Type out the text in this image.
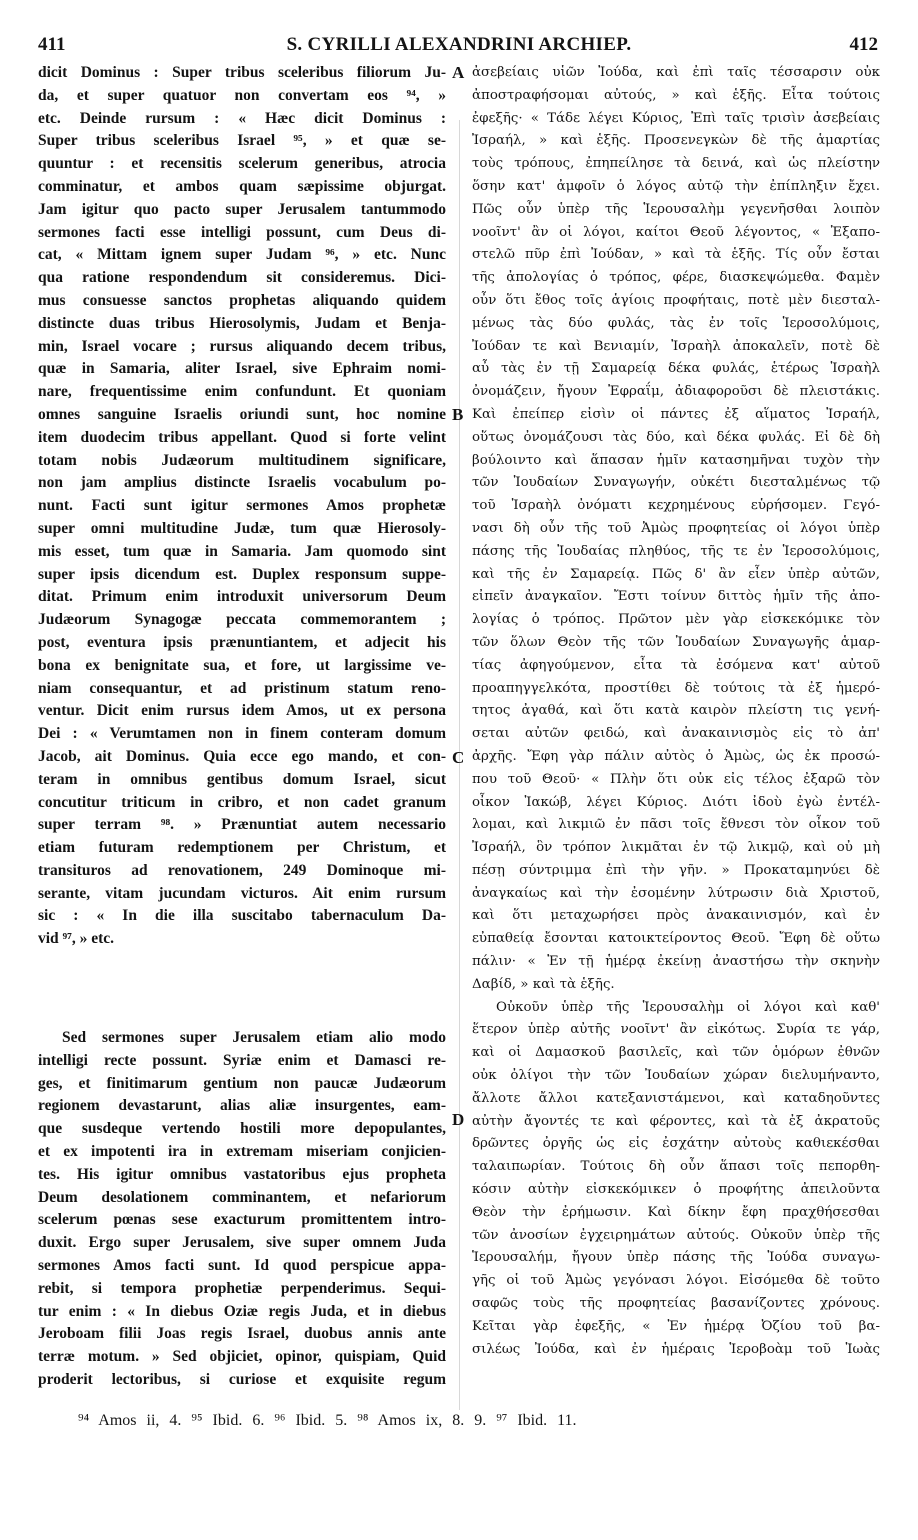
411	S. CYRILLI ALEXANDRINI ARCHIEP.	412
dicit Dominus : Super tribus sceleribus filiorum Ju-
da, et super quatuor non convertam eos ⁹⁴, »
etc. Deinde rursum : « Hæc dicit Dominus :
Super tribus sceleribus Israel ⁹⁵, » et quæ se-
quuntur : et recensitis scelerum generibus, atrocia
comminatur, et ambos quam sæpissime objurgat.
Jam igitur quo pacto super Jerusalem tantummodo
sermones facti esse intelligi possunt, cum Deus di-
cat, « Mittam ignem super Judam ⁹⁶, » etc. Nunc
qua ratione respondendum sit consideremus. Dici-
mus consuesse sanctos prophetas aliquando quidem
distincte duas tribus Hierosolymis, Judam et Benja-
min, Israel vocare ; rursus aliquando decem tribus,
quæ in Samaria, aliter Israel, sive Ephraim nomi-
nare, frequentissime enim confundunt. Et quoniam
omnes sanguine Israelis oriundi sunt, hoc nomine
item duodecim tribus appellant. Quod si forte velint
totam nobis Judæorum multitudinem significare,
non jam amplius distincte Israelis vocabulum po-
nunt. Facti sunt igitur sermones Amos prophetæ
super omni multitudine Judæ, tum quæ Hierosoly-
mis esset, tum quæ in Samaria. Jam quomodo sint
super ipsis dicendum est. Duplex responsum suppe-
ditat. Primum enim introduxit universorum Deum
Judæorum Synagogæ peccata commemorantem ;
post, eventura ipsis prænuntiantem, et adjecit his
bona ex benignitate sua, et fore, ut largissime ve-
niam consequantur, et ad pristinum statum reno-
ventur. Dicit enim rursus idem Amos, ut ex persona
Dei : « Verumtamen non in finem conteram domum
Jacob, ait Dominus. Quia ecce ego mando, et con-
teram in omnibus gentibus domum Israel, sicut
concutitur triticum in cribro, et non cadet granum
super terram ⁹⁸. » Prænuntiat autem necessario
etiam futuram redemptionem per Christum, et
transituros ad renovationem, 249 Dominoque mi-
serante, vitam jucundam victuros. Ait enim rursum
sic : « In die illa suscitabo tabernaculum Da-
vid ⁹⁷, » etc.
Sed sermones super Jerusalem etiam alio modo
intelligi recte possunt. Syriæ enim et Damasci re-
ges, et finitimarum gentium non paucæ Judæorum
regionem devastarunt, alias aliæ insurgentes, eam-
que susdeque vertendo hostili more depopulantes,
et ex impotenti ira in extremam miseriam conjicien-
tes. His igitur omnibus vastatoribus ejus propheta
Deum desolationem comminantem, et nefariorum
scelerum pœnas sese exacturum promittentem intro-
duxit. Ergo super Jerusalem, sive super omnem Juda
sermones Amos facti sunt. Id quod perspicue appa-
rebit, si tempora prophetiæ perpenderimus. Sequi-
tur enim : « In diebus Oziæ regis Juda, et in diebus
Jeroboam filii Joas regis Israel, duobus annis ante
terræ motum. » Sed objiciet, opinor, quispiam, Quid
proderit lectoribus, si curiose et exquisite regum
A
B
C
D
ἀσεβείαις υἱῶν Ἰούδα, καὶ ἐπὶ ταῖς τέσσαρσιν οὐκ
ἀποστραφήσομαι αὐτούς, » καὶ ἑξῆς. Εἶτα τούτοις
ἐφεξῆς· « Τάδε λέγει Κύριος, Ἐπὶ ταῖς τρισὶν ἀσεβείαις
Ἰσραήλ, » καὶ ἑξῆς. Προσενεγκὼν δὲ τῆς ἁμαρτίας
τοὺς τρόπους, ἐπηπείλησε τὰ δεινά, καὶ ὡς πλείστην
ὅσην κατ' ἀμφοῖν ὁ λόγος αὐτῷ τὴν ἐπίπληξιν ἔχει.
Πῶς οὖν ὑπὲρ τῆς Ἱερουσαλὴμ γεγενῆσθαι λοιπὸν
νοοῖντ' ἂν οἱ λόγοι, καίτοι Θεοῦ λέγοντος, « Ἐξαπο-
στελῶ πῦρ ἐπὶ Ἰούδαν, » καὶ τὰ ἑξῆς. Τίς οὖν ἔσται
τῆς ἀπολογίας ὁ τρόπος, φέρε, διασκεψώμεθα. Φαμὲν
οὖν ὅτι ἔθος τοῖς ἁγίοις προφήταις, ποτὲ μὲν διεσταλ-
μένως τὰς δύο φυλάς, τὰς ἐν τοῖς Ἱεροσολύμοις,
Ἰούδαν τε καὶ Βενιαμίν, Ἰσραὴλ ἀποκαλεῖν, ποτὲ δὲ
αὖ τὰς ἐν τῇ Σαμαρείᾳ δέκα φυλάς, ἑτέρως Ἰσραὴλ
ὀνομάζειν, ἤγουν Ἐφραΐμ, ἀδιαφοροῦσι δὲ πλειστάκις.
Καὶ ἐπείπερ εἰσὶν οἱ πάντες ἐξ αἵματος Ἰσραήλ,
οὕτως ὀνομάζουσι τὰς δύο, καὶ δέκα φυλάς. Εἰ δὲ δὴ
βούλοιντο καὶ ἅπασαν ἡμῖν κατασημῆναι τυχὸν τὴν
τῶν Ἰουδαίων Συναγωγήν, οὐκέτι διεσταλμένως τῷ
τοῦ Ἰσραὴλ ὀνόματι κεχρημένους εὑρήσομεν. Γεγό-
νασι δὴ οὖν τῆς τοῦ Ἀμὼς προφητείας οἱ λόγοι ὑπὲρ
πάσης τῆς Ἰουδαίας πληθύος, τῆς τε ἐν Ἱεροσολύμοις,
καὶ τῆς ἐν Σαμαρείᾳ. Πῶς δ' ἂν εἶεν ὑπὲρ αὐτῶν,
εἰπεῖν ἀναγκαῖον. Ἔστι τοίνυν διττὸς ἡμῖν τῆς ἀπο-
λογίας ὁ τρόπος. Πρῶτον μὲν γὰρ εἰσκεκόμικε τὸν
τῶν ὅλων Θεὸν τῆς τῶν Ἰουδαίων Συναγωγῆς ἁμαρ-
τίας ἀφηγούμενον, εἶτα τὰ ἐσόμενα κατ' αὐτοῦ
προαπηγγελκότα, προστίθει δὲ τούτοις τὰ ἐξ ἡμερό-
τητος ἀγαθά, καὶ ὅτι κατὰ καιρὸν πλείστη τις γενή-
σεται αὐτῶν φειδώ, καὶ ἀνακαινισμὸς εἰς τὸ ἀπ'
ἀρχῆς. Ἔφη γὰρ πάλιν αὐτὸς ὁ Ἀμὼς, ὡς ἐκ προσώ-
που τοῦ Θεοῦ· « Πλὴν ὅτι οὐκ εἰς τέλος ἐξαρῶ τὸν
οἶκον Ἰακώβ, λέγει Κύριος. Διότι ἰδοὺ ἐγὼ ἐντέλ-
λομαι, καὶ λικμιῶ ἐν πᾶσι τοῖς ἔθνεσι τὸν οἶκον τοῦ
Ἰσραήλ, ὃν τρόπον λικμᾶται ἐν τῷ λικμῷ, καὶ οὐ μὴ
πέσῃ σύντριμμα ἐπὶ τὴν γῆν. » Προκαταμηνύει δὲ
ἀναγκαίως καὶ τὴν ἐσομένην λύτρωσιν διὰ Χριστοῦ,
καὶ ὅτι μεταχωρήσει πρὸς ἀνακαινισμόν, καὶ ἐν
εὐπαθείᾳ ἔσονται κατοικτείροντος Θεοῦ. Ἔφη δὲ οὕτω
πάλιν· « Ἐν τῇ ἡμέρᾳ ἐκείνῃ ἀναστήσω τὴν σκηνὴν
Δαβίδ, » καὶ τὰ ἑξῆς.
Οὐκοῦν ὑπὲρ τῆς Ἱερουσαλὴμ οἱ λόγοι καὶ καθ'
ἕτερον ὑπὲρ αὐτῆς νοοῖντ' ἂν εἰκότως. Συρία τε γάρ,
καὶ οἱ Δαμασκοῦ βασιλεῖς, καὶ τῶν ὁμόρων ἐθνῶν
οὐκ ὀλίγοι τὴν τῶν Ἰουδαίων χώραν διελυμήναντο,
ἄλλοτε ἄλλοι κατεξανιστάμενοι, καὶ καταδηοῦντες
αὐτὴν ἄγοντές τε καὶ φέροντες, καὶ τὰ ἐξ ἀκρατοῦς
δρῶντες ὀργῆς ὡς εἰς ἐσχάτην αὐτοὺς καθιεκέσθαι
ταλαιπωρίαν. Τούτοις δὴ οὖν ἅπασι τοῖς πεπορθη-
κόσιν αὐτὴν εἰσκεκόμικεν ὁ προφήτης ἀπειλοῦντα
Θεὸν τὴν ἐρήμωσιν. Καὶ δίκην ἔφη πραχθήσεσθαι
τῶν ἀνοσίων ἐγχειρημάτων αὐτούς. Οὐκοῦν ὑπὲρ τῆς
Ἱερουσαλήμ, ἤγουν ὑπὲρ πάσης τῆς Ἰούδα συναγω-
γῆς οἱ τοῦ Ἀμὼς γεγόνασι λόγοι. Εἰσόμεθα δὲ τοῦτο
σαφῶς τοὺς τῆς προφητείας βασανίζοντες χρόνους.
Κεῖται γὰρ ἐφεξῆς, « Ἐν ἡμέρᾳ Ὀζίου τοῦ βα-
σιλέως Ἰούδα, καὶ ἐν ἡμέραις Ἱεροβοὰμ τοῦ Ἰωὰς
⁹⁴ Amos ii, 4. ⁹⁵ Ibid. 6. ⁹⁶ Ibid. 5. ⁹⁸ Amos ix, 8. 9. ⁹⁷ Ibid. 11.
